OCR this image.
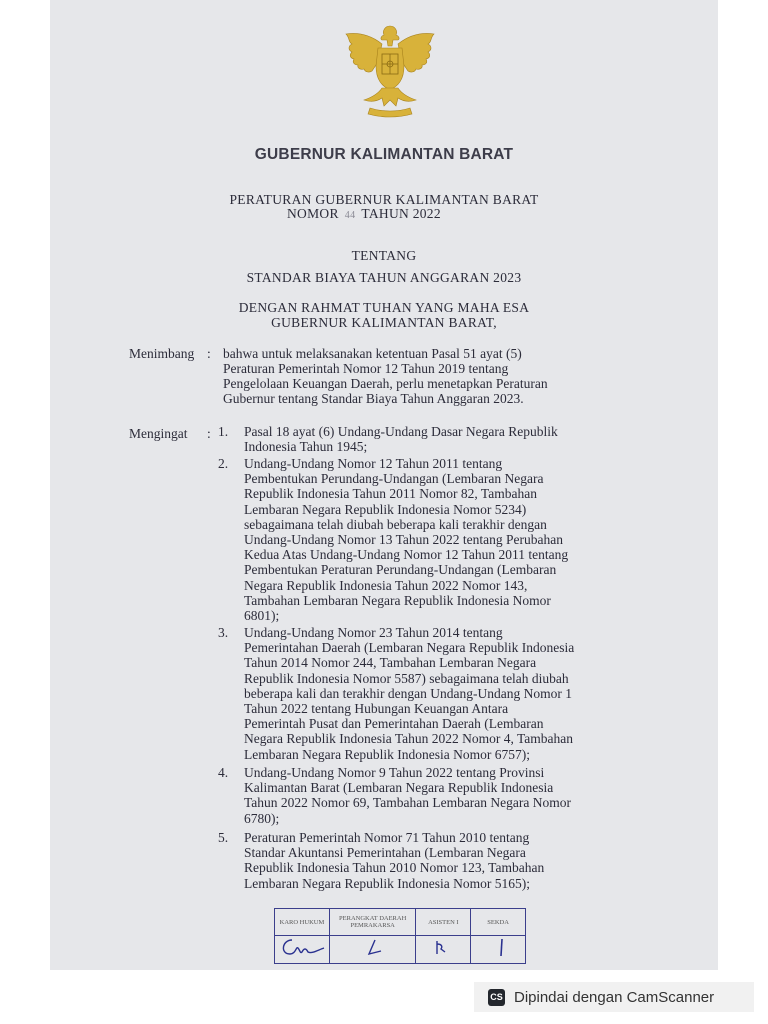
GUBERNUR KALIMANTAN BARAT
PERATURAN GUBERNUR KALIMANTAN BARAT
NOMOR 44 TAHUN 2022
TENTANG
STANDAR BIAYA TAHUN ANGGARAN 2023
DENGAN RAHMAT TUHAN YANG MAHA ESA
GUBERNUR KALIMANTAN BARAT,
Menimbang : bahwa untuk melaksanakan ketentuan Pasal 51 ayat (5)
Peraturan Pemerintah Nomor 12 Tahun 2019 tentang
Pengelolaan Keuangan Daerah, perlu menetapkan Peraturan
Gubernur tentang Standar Biaya Tahun Anggaran 2023.
Mengingat : 1. Pasal 18 ayat (6) Undang-Undang Dasar Negara Republik
Indonesia Tahun 1945;
2. Undang-Undang Nomor 12 Tahun 2011 tentang
Pembentukan Perundang-Undangan (Lembaran Negara
Republik Indonesia Tahun 2011 Nomor 82, Tambahan
Lembaran Negara Republik Indonesia Nomor 5234)
sebagaimana telah diubah beberapa kali terakhir dengan
Undang-Undang Nomor 13 Tahun 2022 tentang Perubahan
Kedua Atas Undang-Undang Nomor 12 Tahun 2011 tentang
Pembentukan Peraturan Perundang-Undangan (Lembaran
Negara Republik Indonesia Tahun 2022 Nomor 143,
Tambahan Lembaran Negara Republik Indonesia Nomor
6801);
3. Undang-Undang Nomor 23 Tahun 2014 tentang
Pemerintahan Daerah (Lembaran Negara Republik Indonesia
Tahun 2014 Nomor 244, Tambahan Lembaran Negara
Republik Indonesia Nomor 5587) sebagaimana telah diubah
beberapa kali dan terakhir dengan Undang-Undang Nomor 1
Tahun 2022 tentang Hubungan Keuangan Antara
Pemerintah Pusat dan Pemerintahan Daerah (Lembaran
Negara Republik Indonesia Tahun 2022 Nomor 4, Tambahan
Lembaran Negara Republik Indonesia Nomor 6757);
4. Undang-Undang Nomor 9 Tahun 2022 tentang Provinsi
Kalimantan Barat (Lembaran Negara Republik Indonesia
Tahun 2022 Nomor 69, Tambahan Lembaran Negara Nomor
6780);
5. Peraturan Pemerintah Nomor 71 Tahun 2010 tentang
Standar Akuntansi Pemerintahan (Lembaran Negara
Republik Indonesia Tahun 2010 Nomor 123, Tambahan
Lembaran Negara Republik Indonesia Nomor 5165);
KARO HUKUM	PERANGKAT DAERAH PEMRAKARSA	ASISTEN I	SEKDA

CS Dipindai dengan CamScanner
